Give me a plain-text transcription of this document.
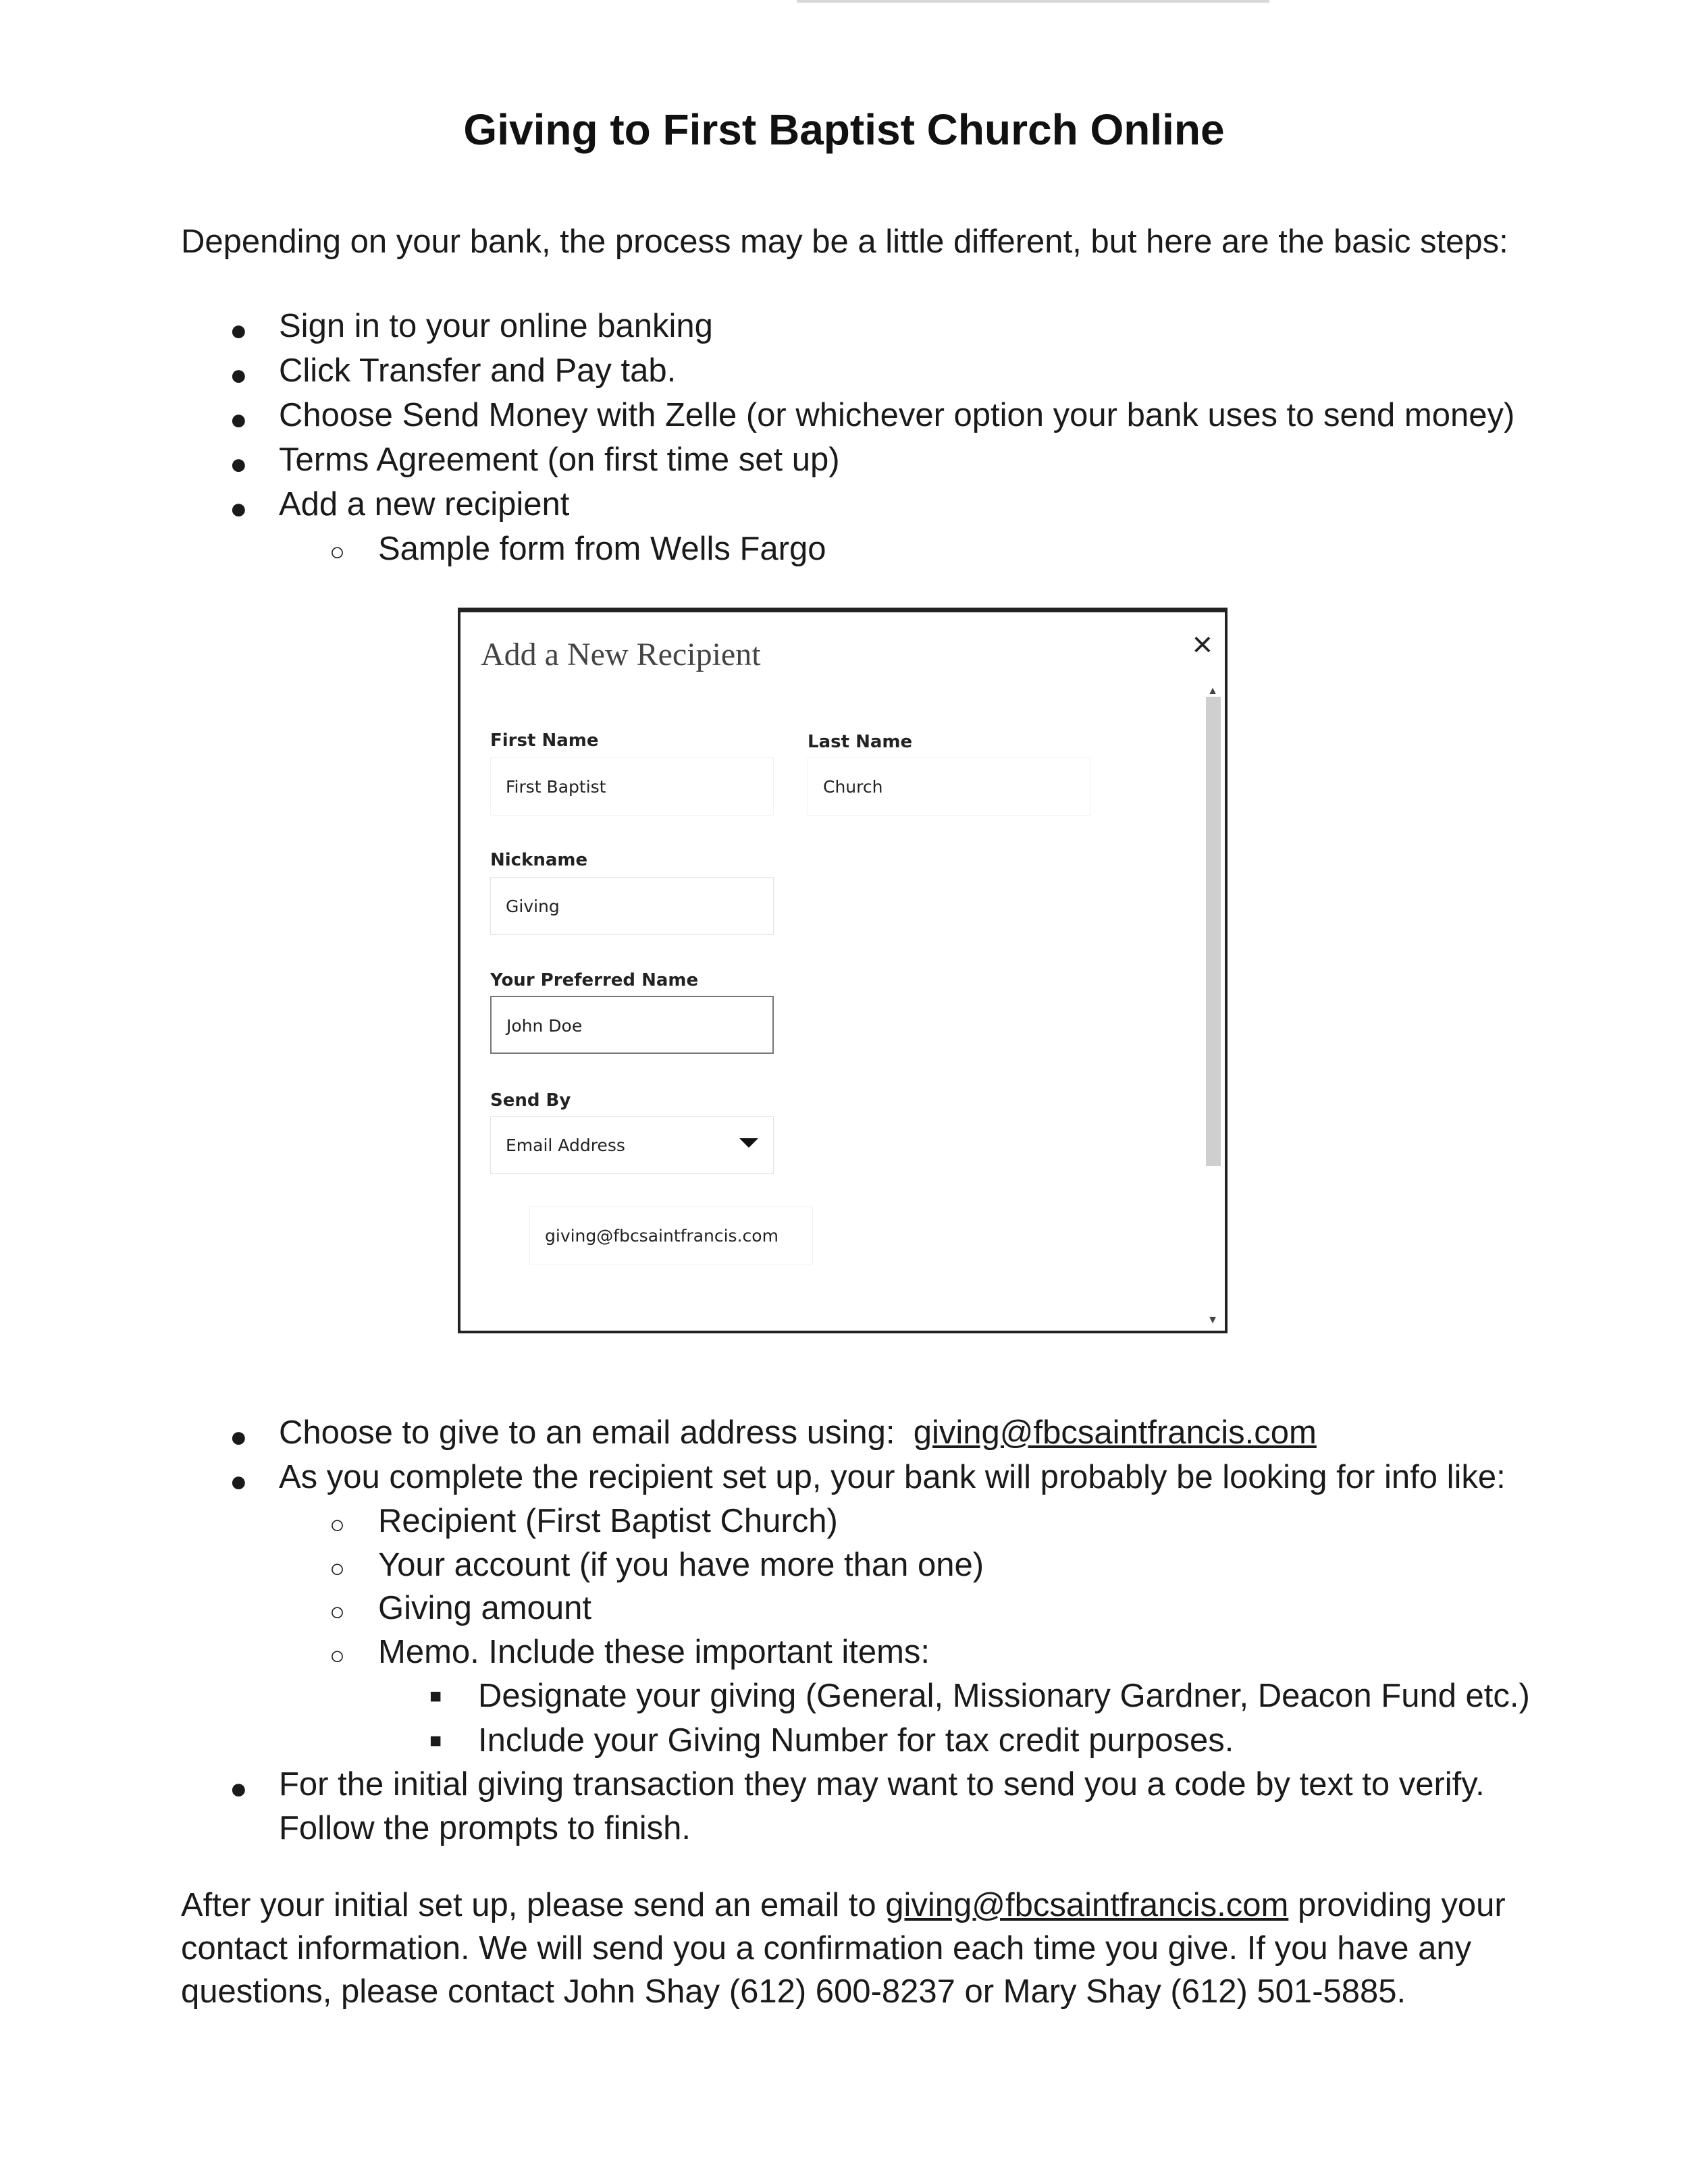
Giving to First Baptist Church Online
Depending on your bank, the process may be a little different, but here are the basic steps:
● Sign in to your online banking
● Click Transfer and Pay tab.
● Choose Send Money with Zelle (or whichever option your bank uses to send money)
● Terms Agreement (on first time set up)
● Add a new recipient
○ Sample form from Wells Fargo
Add a New Recipient	×
▲
▼
First Name
First Baptist
Last Name
Church
Nickname
Giving
Your Preferred Name
John Doe
Send By
Email Address
giving@fbcsaintfrancis.com
● Choose to give to an email address using: giving@fbcsaintfrancis.com
● As you complete the recipient set up, your bank will probably be looking for info like:
○ Recipient (First Baptist Church)
○ Your account (if you have more than one)
○ Giving amount
○ Memo. Include these important items:
■ Designate your giving (General, Missionary Gardner, Deacon Fund etc.)
■ Include your Giving Number for tax credit purposes.
● For the initial giving transaction they may want to send you a code by text to verify.
Follow the prompts to finish.
After your initial set up, please send an email to giving@fbcsaintfrancis.com providing your contact information. We will send you a confirmation each time you give. If you have any questions, please contact John Shay (612) 600-8237 or Mary Shay (612) 501-5885.
